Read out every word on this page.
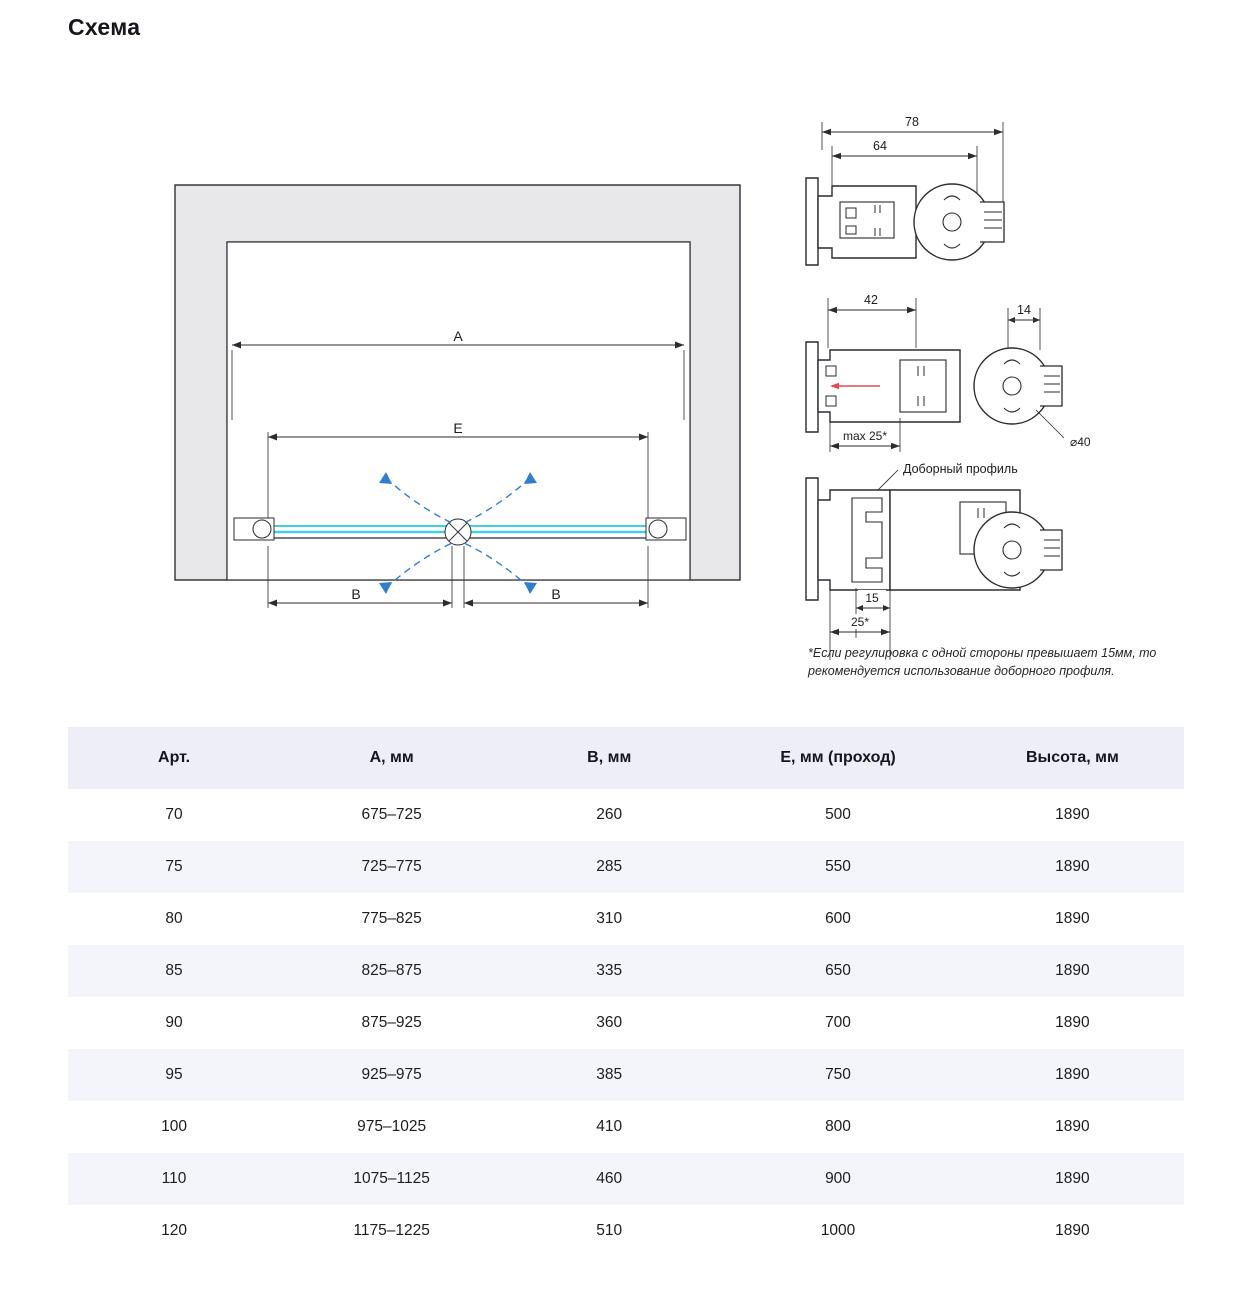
Схема
A
E
B	B
78
64
42
14
max 25*	⌀40
Доборный профиль
15
25*
*Если регулировка с одной стороны превышает 15мм, то рекомендуется использование доборного профиля.
Арт.	A, мм	B, мм	E, мм (проход)	Высота, мм
70	675–725	260	500	1890
75	725–775	285	550	1890
80	775–825	310	600	1890
85	825–875	335	650	1890
90	875–925	360	700	1890
95	925–975	385	750	1890
100	975–1025	410	800	1890
110	1075–1125	460	900	1890
120	1175–1225	510	1000	1890
